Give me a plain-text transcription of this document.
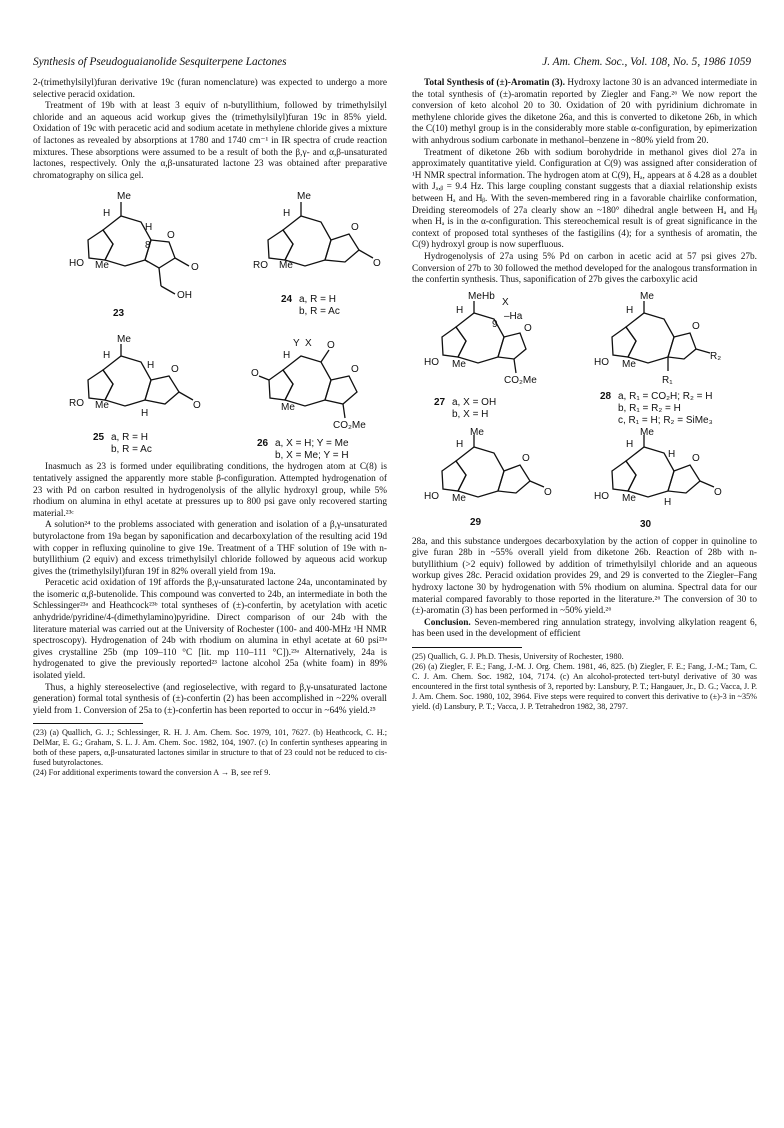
Synthesis of Pseudoguaianolide Sesquiterpene Lactones	J. Am. Chem. Soc., Vol. 108, No. 5, 1986 1059

2-(trimethylsilyl)furan derivative 19c (furan nomenclature) was expected to undergo a more selective peracid oxidation.

Treatment of 19b with at least 3 equiv of n-butyllithium, followed by trimethylsilyl chloride and an aqueous acid workup gives the (trimethylsilyl)furan 19c in 85% yield. Oxidation of 19c with peracetic acid and sodium acetate in methylene chloride gives a mixture of lactones as revealed by absorptions at 1780 and 1740 cm⁻¹ in IR spectra of crude reaction mixtures. These absorptions were assumed to be a result of both the β,γ- and α,β-unsaturated lactones, respectively. Only the α,β-unsaturated lactone 23 was obtained after preparative chromatography on silica gel.

Me
H
H
8
O
O
HO Me
OH
23
Me
H
O
O
RO Me
24 a, R = H
b, R = Ac
Me
H
H O
O
RO Me
H
25 a, R = H
b, R = Ac
Y X
H
O
O
O
Me
CO₂Me
26 a, X = H; Y = Me
b, X = Me; Y = H

Inasmuch as 23 is formed under equilibrating conditions, the hydrogen atom at C(8) is tentatively assigned the apparently more stable β-configuration. Attempted hydrogenation of 23 with Pd on carbon resulted in hydrogenolysis of the allylic hydroxyl group, while 5% rhodium on alumina in ethyl acetate at pressures up to 800 psi gave only recovered starting material.²³ᶜ

A solution²⁴ to the problems associated with generation and isolation of a β,γ-unsaturated butyrolactone from 19a began by saponification and decarboxylation of the resulting acid 19d with copper in refluxing quinoline to give 19e. Treatment of a THF solution of 19e with n-butyllithium (2 equiv) and excess trimethylsilyl chloride followed by aqueous acid workup gives the (trimethylsilyl)furan 19f in 82% overall yield from 19a.

Peracetic acid oxidation of 19f affords the β,γ-unsaturated lactone 24a, uncontaminated by the isomeric α,β-butenolide. This compound was converted to 24b, an intermediate in both the Schlessinger²³ᵃ and Heathcock²³ᵇ total syntheses of (±)-confertin, by acetylation with acetic anhydride/pyridine/4-(dimethylamino)pyridine. Direct comparison of our 24b with the literature material was carried out at the University of Rochester (100- and 400-MHz ¹H NMR spectroscopy). Hydrogenation of 24b with rhodium on alumina in ethyl acetate at 60 psi²³ᵃ gives crystalline 25b (mp 109–110 °C [lit. mp 110–111 °C]).²³ᵃ Alternatively, 24a is hydrogenated to give the previously reported²³ lactone alcohol 25a (white foam) in 89% isolated yield.

Thus, a highly stereoselective (and regioselective, with regard to β,γ-unsaturated lactone generation) formal total synthesis of (±)-confertin (2) has been accomplished in ~22% overall yield from 1. Conversion of 25a to (±)-confertin has been reported to occur in ~64% yield.²⁵

(23) (a) Quallich, G. J.; Schlessinger, R. H. J. Am. Chem. Soc. 1979, 101, 7627. (b) Heathcock, C. H.; DelMar, E. G.; Graham, S. L. J. Am. Chem. Soc. 1982, 104, 1907. (c) In confertin syntheses appearing in both of these papers, α,β-unsaturated lactones similar in structure to that of 23 could not be reduced to cis-fused butyrolactones.

(24) For additional experiments toward the conversion A → B, see ref 9.

Total Synthesis of (±)-Aromatin (3). Hydroxy lactone 30 is an advanced intermediate in the total synthesis of (±)-aromatin reported by Ziegler and Fang.²⁶ We now report the conversion of keto alcohol 20 to 30. Oxidation of 20 with pyridinium dichromate in methylene chloride gives the diketone 26a, and this is converted to diketone 26b, in which the C(10) methyl group is in the considerably more stable α-configuration, by epimerization with anhydrous sodium carbonate in methanol–benzene in ~80% yield from 20.

Treatment of diketone 26b with sodium borohydride in methanol gives diol 27a in approximately quantitative yield. Configuration at C(9) was assigned after consideration of ¹H NMR spectral information. The hydrogen atom at C(9), Hₐ, appears at δ 4.28 as a doublet with Jₐ,ᵦ = 9.4 Hz. This large coupling constant suggests that a diaxial relationship exists between Hₐ and Hᵦ. With the seven-membered ring in a favorable chairlike conformation, Dreiding stereomodels of 27a clearly show an ~180° dihedral angle between Hₐ and Hᵦ when Hₐ is in the α-configuration. This stereochemical result is of great significance in the context of proposed total syntheses of the fastigilins (4); for a synthesis of aromatin, the C(9) hydroxyl group is now superfluous.

Hydrogenolysis of 27a using 5% Pd on carbon in acetic acid at 57 psi gives 27b. Conversion of 27b to 30 followed the method developed for the analogous transformation in the confertin synthesis. Thus, saponification of 27b gives the carboxylic acid

Me Hb
X
H
9
–Ha
O
HO Me
CO₂Me
27 a, X = OH
b, X = H
Me
H
O
R₂
HO Me
R₁
28 a, R₁ = CO₂H; R₂ = H
b, R₁ = R₂ = H
c, R₁ = H; R₂ = SiMe₃
Me
H
O
O
HO Me
29
Me
H
H O
O
HO Me	H
30

28a, and this substance undergoes decarboxylation by the action of copper in quinoline to give furan 28b in ~55% overall yield from diketone 26b. Reaction of 28b with n-butyllithium (>2 equiv) followed by addition of trimethylsilyl chloride and an aqueous workup gives 28c. Peracid oxidation provides 29, and 29 is converted to the Ziegler–Fang hydroxy lactone 30 by hydrogenation with 5% rhodium on alumina. Spectral data for our material compared favorably to those reported in the literature.²⁶ The conversion of 30 to (±)-aromatin (3) has been performed in ~50% yield.²⁶

Conclusion. Seven-membered ring annulation strategy, involving alkylation reagent 6, has been used in the development of efficient

(25) Quallich, G. J. Ph.D. Thesis, University of Rochester, 1980.

(26) (a) Ziegler, F. E.; Fang, J.-M. J. Org. Chem. 1981, 46, 825. (b) Ziegler, F. E.; Fang, J.-M.; Tam, C. C. J. Am. Chem. Soc. 1982, 104, 7174. (c) An alcohol-protected tert-butyl derivative of 30 was encountered in the first total synthesis of 3, reported by: Lansbury, P. T.; Hangauer, Jr., D. G.; Vacca, J. P. J. Am. Chem. Soc. 1980, 102, 3964. Five steps were required to convert this derivative to (±)-3 in ~35% yield. (d) Lansbury, P. T.; Vacca, J. P. Tetrahedron 1982, 38, 2797.
